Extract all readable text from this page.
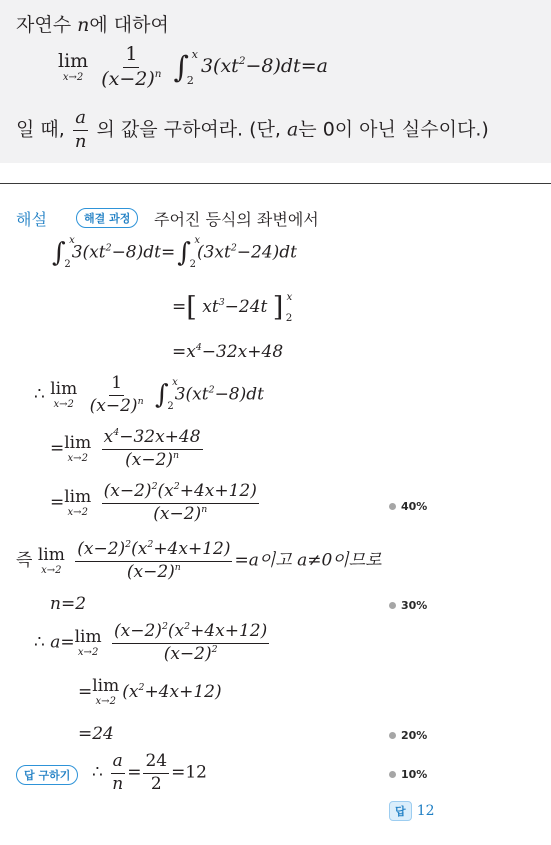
자연수 n에 대하여
lim
x→2
$\frac{1}{(x-2)^n}$ ∫ x
2
$3(xt^2-8)dt=a$
일 때, $\frac{a}{n}$ 의 값을 구하여라. (단, a는 0이 아닌 실수이다.)
해설	해결 과정	주어진 등식의 좌변에서
∫ x
2
$3(xt^2-8)dt=\int$ x
2
$(3xt^2-24)dt$
=[ $xt^3-24t$ ] x
2
$=x^4-32x+48$
∴ lim
x→2
$\frac{1}{(x-2)^n}$ ∫ x
2
$3(xt^2-8)dt$
= lim
x→2
$\frac{x^4-32x+48}{(x-2)^n}$
= lim
x→2
$\frac{(x-2)^2(x^2+4x+12)}{(x-2)^n}$	40%
즉 lim
x→2
$\frac{(x-2)^2(x^2+4x+12)}{(x-2)^n} =a$이고 a≠0이므로
n=2	30%
∴ a= lim
x→2
$\frac{(x-2)^2(x^2+4x+12)}{(x-2)^2}$
= lim
x→2 $(x^2+4x+12)$
=24	20%
답 구하기	∴ $\frac{a}{n} = \frac{24}{2} =12$	10%
답 12
